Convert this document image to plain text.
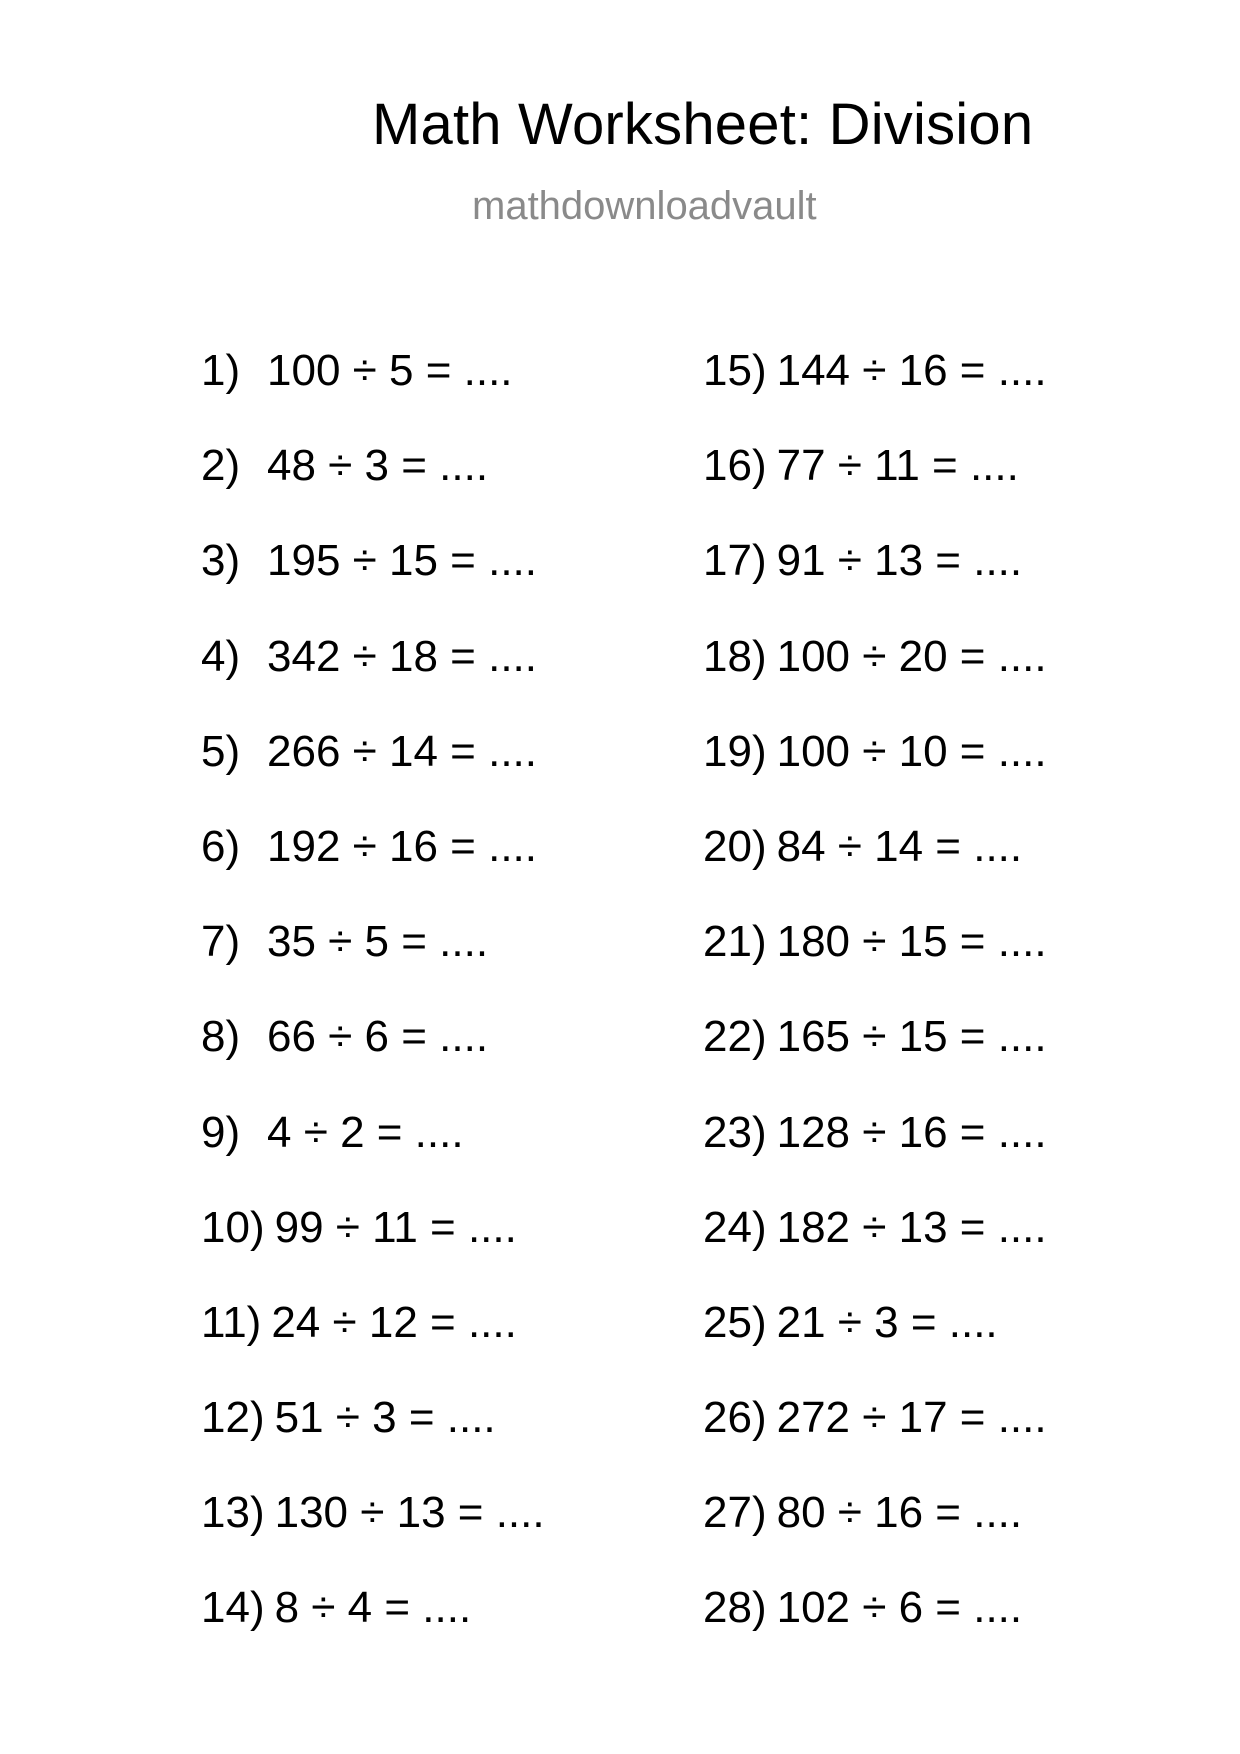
Math Worksheet: Division
mathdownloadvault
1) 100 ÷ 5 = ....
2) 48 ÷ 3 = ....
3) 195 ÷ 15 = ....
4) 342 ÷ 18 = ....
5) 266 ÷ 14 = ....
6) 192 ÷ 16 = ....
7) 35 ÷ 5 = ....
8) 66 ÷ 6 = ....
9) 4 ÷ 2 = ....
10) 99 ÷ 11 = ....
11) 24 ÷ 12 = ....
12) 51 ÷ 3 = ....
13) 130 ÷ 13 = ....
14) 8 ÷ 4 = ....
15) 144 ÷ 16 = ....
16) 77 ÷ 11 = ....
17) 91 ÷ 13 = ....
18) 100 ÷ 20 = ....
19) 100 ÷ 10 = ....
20) 84 ÷ 14 = ....
21) 180 ÷ 15 = ....
22) 165 ÷ 15 = ....
23) 128 ÷ 16 = ....
24) 182 ÷ 13 = ....
25) 21 ÷ 3 = ....
26) 272 ÷ 17 = ....
27) 80 ÷ 16 = ....
28) 102 ÷ 6 = ....
